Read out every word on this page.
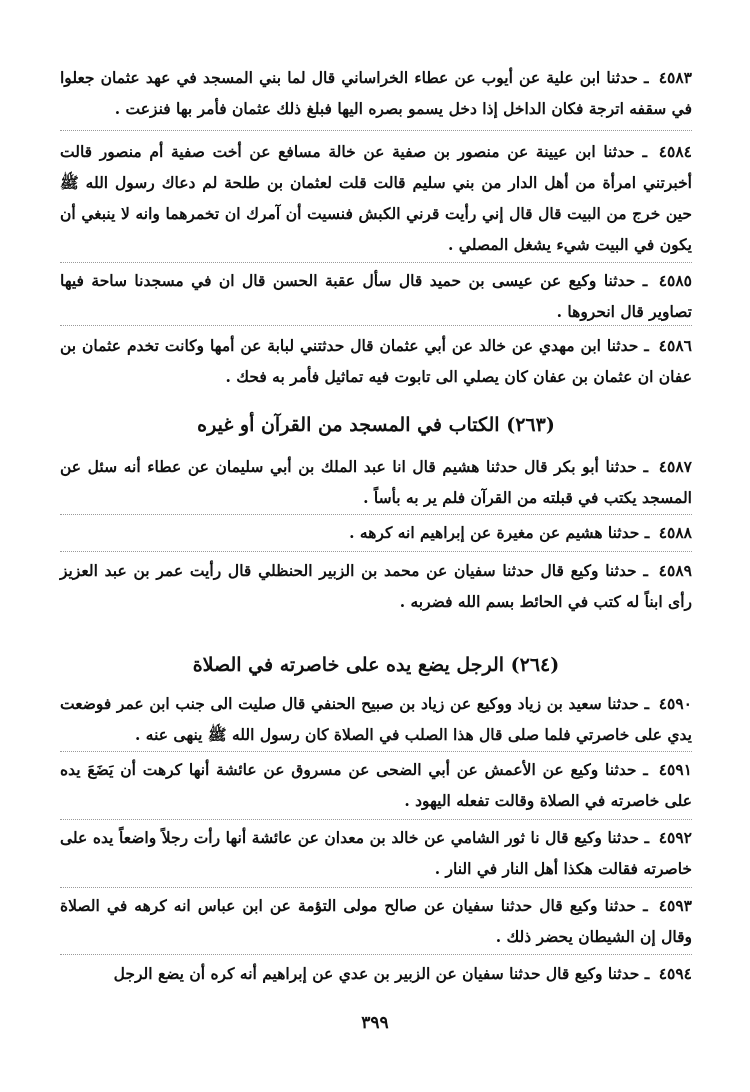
٤٥٨٣ ـ حدثنا ابن علية عن أيوب عن عطاء الخراساني قال لما بني المسجد في عهد عثمان جعلوا في سقفه اترجة فكان الداخل إذا دخل يسمو بصره اليها فبلغ ذلك عثمان فأمر بها فنزعت .
٤٥٨٤ ـ حدثنا ابن عيينة عن منصور بن صفية عن خالة مسافع عن أخت صفية أم منصور قالت أخبرتني امرأة من أهل الدار من بني سليم قالت قلت لعثمان بن طلحة لم دعاك رسول الله ﷺ حين خرج من البيت قال قال إني رأيت قرني الكبش فنسيت أن آمرك ان تخمرهما وانه لا ينبغي أن يكون في البيت شيء يشغل المصلي .
٤٥٨٥ ـ حدثنا وكيع عن عيسى بن حميد قال سأل عقبة الحسن قال ان في مسجدنا ساحة فيها تصاوير قال انحروها .
٤٥٨٦ ـ حدثنا ابن مهدي عن خالد عن أبي عثمان قال حدثتني لبابة عن أمها وكانت تخدم عثمان بن عفان ان عثمان بن عفان كان يصلي الى تابوت فيه تماثيل فأمر به فحك .
(٢٦٣) الكتاب في المسجد من القرآن أو غيره
٤٥٨٧ ـ حدثنا أبو بكر قال حدثنا هشيم قال انا عبد الملك بن أبي سليمان عن عطاء أنه سئل عن المسجد يكتب في قبلته من القرآن فلم ير به بأساً .
٤٥٨٨ ـ حدثنا هشيم عن مغيرة عن إبراهيم انه كرهه .
٤٥٨٩ ـ حدثنا وكيع قال حدثنا سفيان عن محمد بن الزبير الحنظلي قال رأيت عمر بن عبد العزيز رأى ابناً له كتب في الحائط بسم الله فضربه .
(٢٦٤) الرجل يضع يده على خاصرته في الصلاة
٤٥٩٠ ـ حدثنا سعيد بن زياد ووكيع عن زياد بن صبيح الحنفي قال صليت الى جنب ابن عمر فوضعت يدي على خاصرتي فلما صلى قال هذا الصلب في الصلاة كان رسول الله ﷺ ينهى عنه .
٤٥٩١ ـ حدثنا وكيع عن الأعمش عن أبي الضحى عن مسروق عن عائشة أنها كرهت أن يَضَعَ يده على خاصرته في الصلاة وقالت تفعله اليهود .
٤٥٩٢ ـ حدثنا وكيع قال نا ثور الشامي عن خالد بن معدان عن عائشة أنها رأت رجلاً واضعاً يده على خاصرته فقالت هكذا أهل النار في النار .
٤٥٩٣ ـ حدثنا وكيع قال حدثنا سفيان عن صالح مولى التؤمة عن ابن عباس انه كرهه في الصلاة وقال إن الشيطان يحضر ذلك .
٤٥٩٤ ـ حدثنا وكيع قال حدثنا سفيان عن الزبير بن عدي عن إبراهيم أنه كره أن يضع الرجل
٣٩٩
